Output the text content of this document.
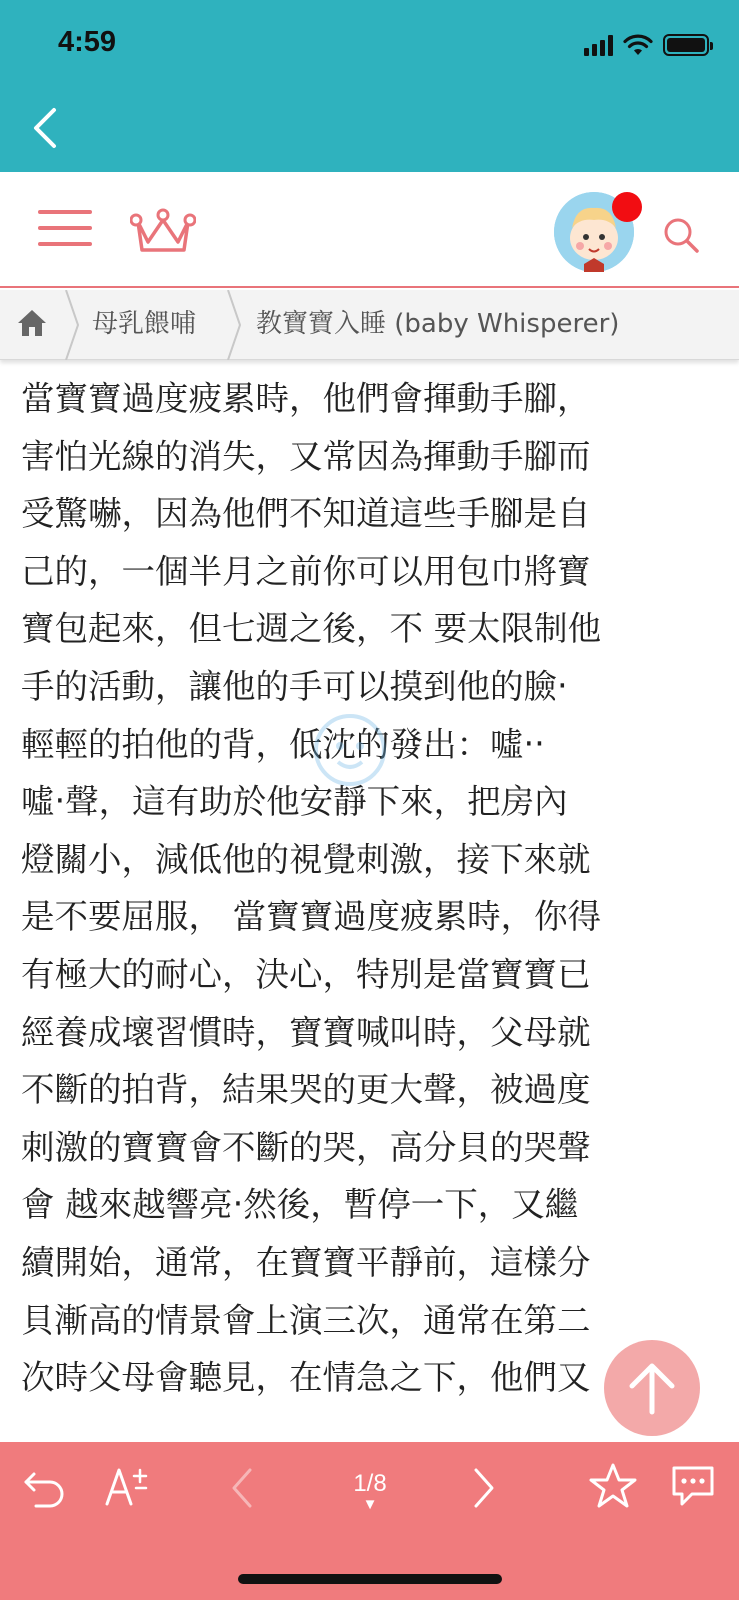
4:59
母乳餵哺 教寶寶入睡 (baby Whisperer)
當寶寶過度疲累時，他們會揮動手腳，
害怕光線的消失，又常因為揮動手腳而
受驚嚇，因為他們不知道這些手腳是自
己的，一個半月之前你可以用包巾將寶
寶包起來，但七週之後，不 要太限制他
手的活動，讓他的手可以摸到他的臉‧
輕輕的拍他的背，低沈的發出：噓‧‧
噓‧聲，這有助於他安靜下來，把房內
燈關小，減低他的視覺刺激，接下來就
是不要屈服， 當寶寶過度疲累時，你得
有極大的耐心，決心，特別是當寶寶已
經養成壞習慣時，寶寶喊叫時，父母就
不斷的拍背，結果哭的更大聲，被過度
刺激的寶寶會不斷的哭，高分貝的哭聲
會 越來越響亮‧然後，暫停一下，又繼
續開始，通常，在寶寶平靜前，這樣分
貝漸高的情景會上演三次，通常在第二
次時父母會聽見，在情急之下，他們又
1/8
▼
